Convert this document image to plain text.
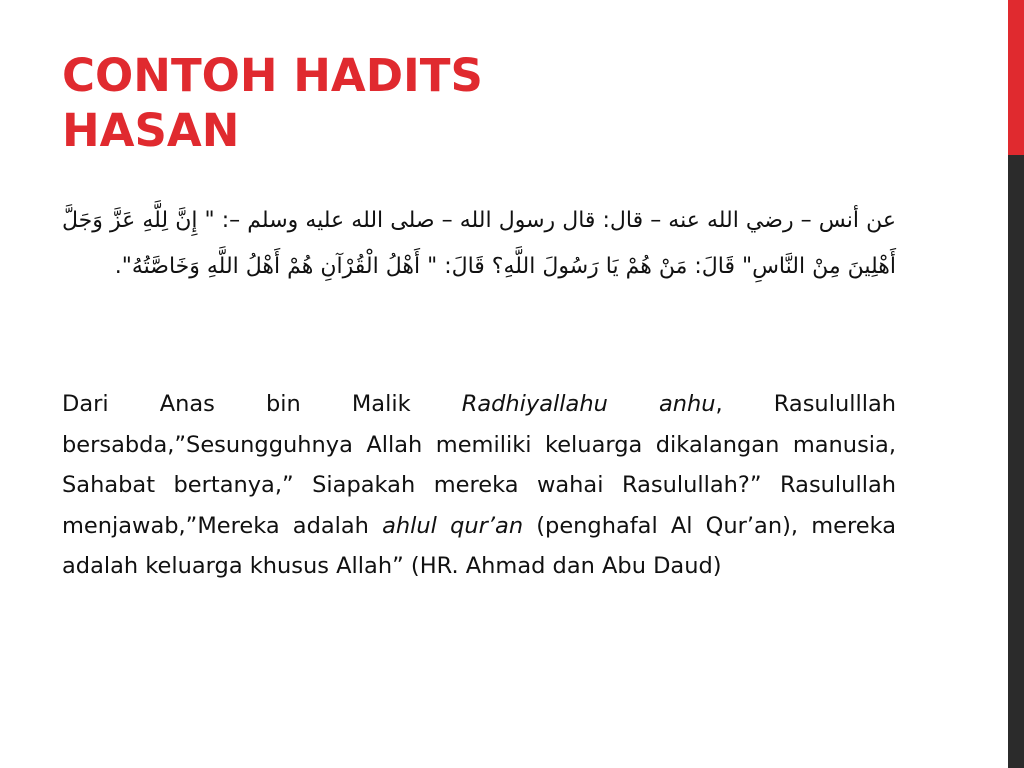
CONTOH HADITS
HASAN

عن أنس – رضي الله عنه – قال: قال رسول الله – صلى الله عليه وسلم –: " إِنَّ لِلَّهِ عَزَّ وَجَلَّ أَهْلِينَ مِنْ النَّاسِ" قَالَ: مَنْ هُمْ يَا رَسُولَ اللَّهِ؟ قَالَ: " أَهْلُ الْقُرْآنِ هُمْ أَهْلُ اللَّهِ وَخَاصَّتُهُ".

Dari Anas bin Malik Radhiyallahu anhu, Rasululllah bersabda,”Sesungguhnya Allah memiliki keluarga dikalangan manusia, Sahabat bertanya,” Siapakah mereka wahai Rasulullah?” Rasulullah menjawab,”Mereka adalah ahlul qur’an (penghafal Al Qur’an), mereka adalah keluarga khusus Allah” (HR. Ahmad dan Abu Daud)
